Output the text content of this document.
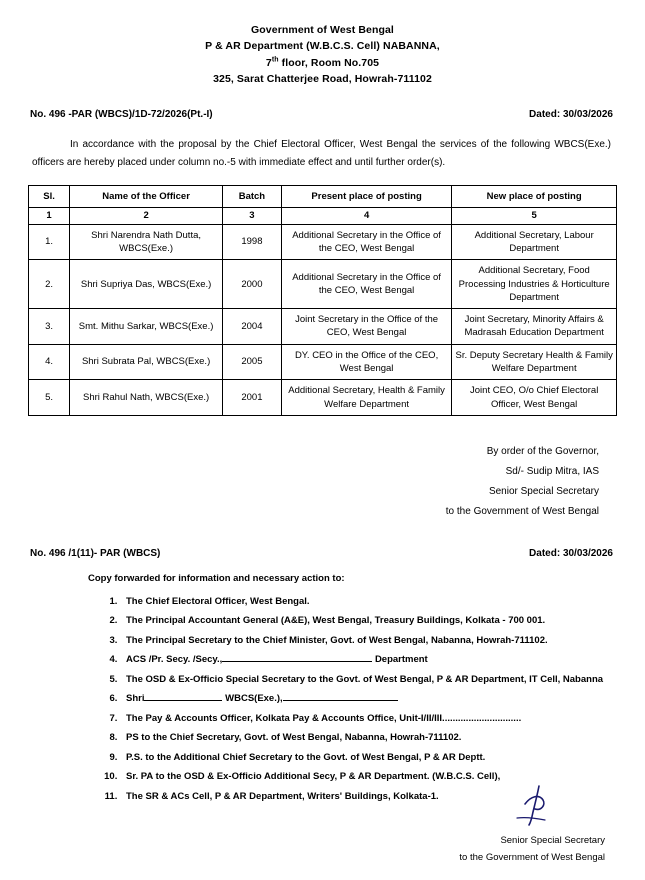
Government of West Bengal
P & AR Department (W.B.C.S. Cell) NABANNA,
7th floor, Room No.705
325, Sarat Chatterjee Road, Howrah-711102
No. 496 -PAR (WBCS)/1D-72/2026(Pt.-I)	Dated: 30/03/2026
In accordance with the proposal by the Chief Electoral Officer, West Bengal the services of the following WBCS(Exe.) officers are hereby placed under column no.-5 with immediate effect and until further order(s).
Sl.	Name of the Officer	Batch	Present place of posting	New place of posting
1	2	3	4	5
1.	Shri Narendra Nath Dutta, WBCS(Exe.)	1998	Additional Secretary in the Office of the CEO, West Bengal	Additional Secretary, Labour Department
2.	Shri Supriya Das, WBCS(Exe.)	2000	Additional Secretary in the Office of the CEO, West Bengal	Additional Secretary, Food Processing Industries & Horticulture Department
3.	Smt. Mithu Sarkar, WBCS(Exe.)	2004	Joint Secretary in the Office of the CEO, West Bengal	Joint Secretary, Minority Affairs & Madrasah Education Department
4.	Shri Subrata Pal, WBCS(Exe.)	2005	DY. CEO in the Office of the CEO, West Bengal	Sr. Deputy Secretary Health & Family Welfare Department
5.	Shri Rahul Nath, WBCS(Exe.)	2001	Additional Secretary, Health & Family Welfare Department	Joint CEO, O/o Chief Electoral Officer, West Bengal
By order of the Governor,
Sd/- Sudip Mitra, IAS
Senior Special Secretary
to the Government of West Bengal
No. 496 /1(11)- PAR (WBCS)	Dated: 30/03/2026
Copy forwarded for information and necessary action to:
1. The Chief Electoral Officer, West Bengal.
2. The Principal Accountant General (A&E), West Bengal, Treasury Buildings, Kolkata - 700 001.
3. The Principal Secretary to the Chief Minister, Govt. of West Bengal, Nabanna, Howrah-711102.
4. ACS /Pr. Secy. /Secy.,	Department
5. The OSD & Ex-Officio Special Secretary to the Govt. of West Bengal, P & AR Department, IT Cell, Nabanna
6. Shri	WBCS(Exe.),
7. The Pay & Accounts Officer, Kolkata Pay & Accounts Office, Unit-I/II/III..............................
8. PS to the Chief Secretary, Govt. of West Bengal, Nabanna, Howrah-711102.
9. P.S. to the Additional Chief Secretary to the Govt. of West Bengal, P & AR Deptt.
10. Sr. PA to the OSD & Ex-Officio Additional Secy, P & AR Department. (W.B.C.S. Cell),
11. The SR & ACs Cell, P & AR Department, Writers' Buildings, Kolkata-1.
Senior Special Secretary
to the Government of West Bengal
